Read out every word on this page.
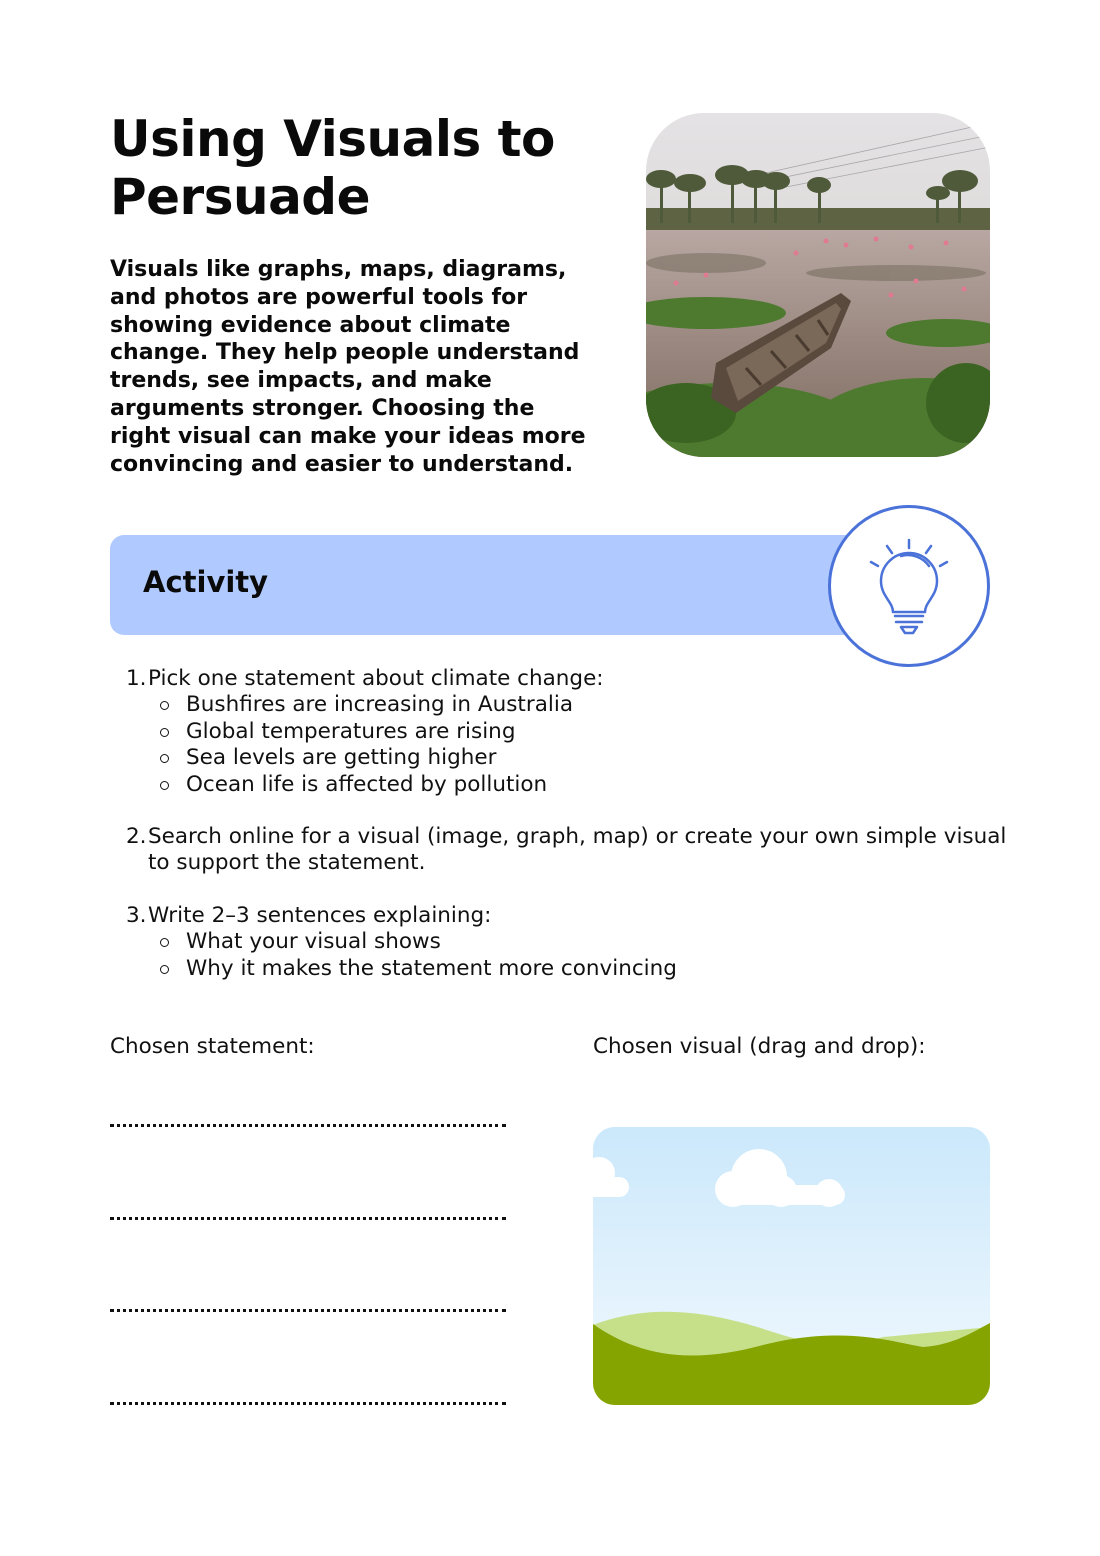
Using Visuals to Persuade

Visuals like graphs, maps, diagrams, and photos are powerful tools for showing evidence about climate change. They help people understand trends, see impacts, and make arguments stronger. Choosing the right visual can make your ideas more convincing and easier to understand.

Activity
1. Pick one statement about climate change:
Bushfires are increasing in Australia
Global temperatures are rising
Sea levels are getting higher
Ocean life is affected by pollution
2. Search online for a visual (image, graph, map) or create your own simple visual to support the statement.
3. Write 2–3 sentences explaining:
What your visual shows
Why it makes the statement more convincing

Chosen statement:	Chosen visual (drag and drop):
